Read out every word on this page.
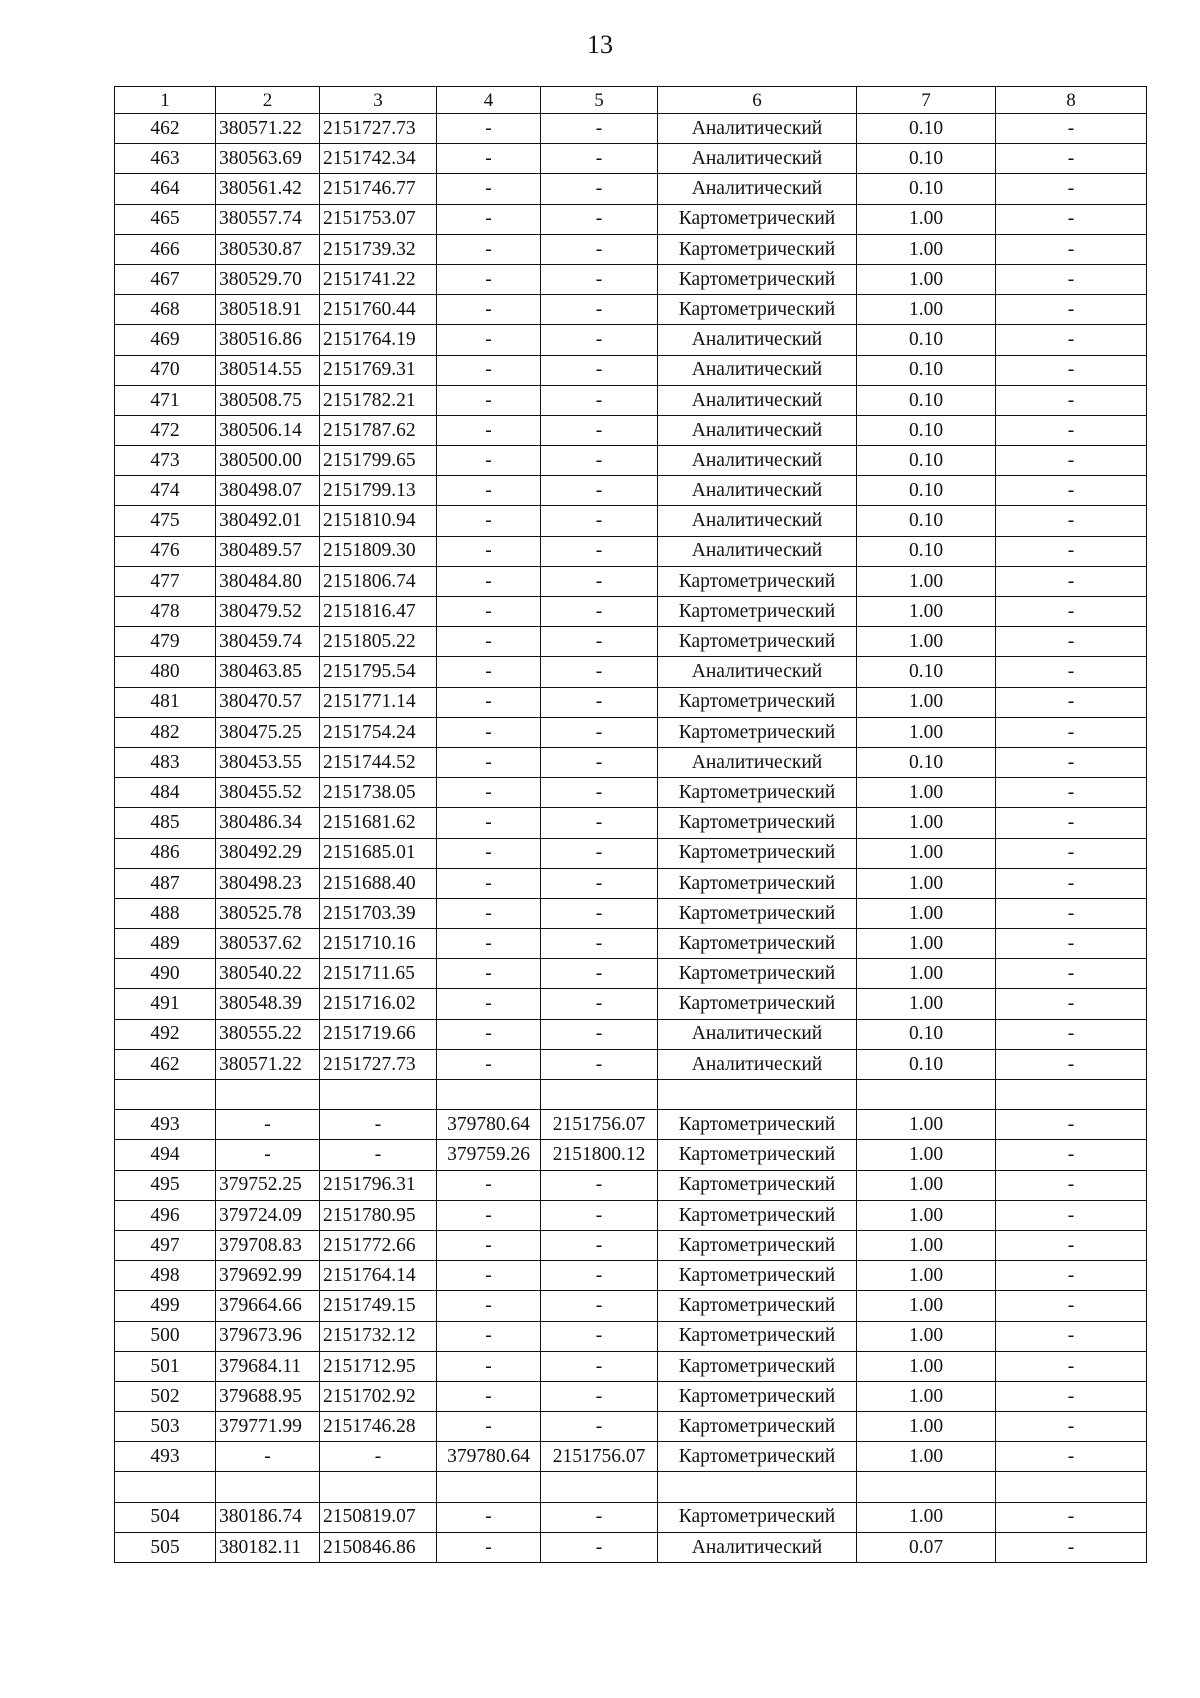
13
1	2	3	4	5	6	7	8
462	380571.22	2151727.73	-	-	Аналитический	0.10	-
463	380563.69	2151742.34	-	-	Аналитический	0.10	-
464	380561.42	2151746.77	-	-	Аналитический	0.10	-
465	380557.74	2151753.07	-	-	Картометрический	1.00	-
466	380530.87	2151739.32	-	-	Картометрический	1.00	-
467	380529.70	2151741.22	-	-	Картометрический	1.00	-
468	380518.91	2151760.44	-	-	Картометрический	1.00	-
469	380516.86	2151764.19	-	-	Аналитический	0.10	-
470	380514.55	2151769.31	-	-	Аналитический	0.10	-
471	380508.75	2151782.21	-	-	Аналитический	0.10	-
472	380506.14	2151787.62	-	-	Аналитический	0.10	-
473	380500.00	2151799.65	-	-	Аналитический	0.10	-
474	380498.07	2151799.13	-	-	Аналитический	0.10	-
475	380492.01	2151810.94	-	-	Аналитический	0.10	-
476	380489.57	2151809.30	-	-	Аналитический	0.10	-
477	380484.80	2151806.74	-	-	Картометрический	1.00	-
478	380479.52	2151816.47	-	-	Картометрический	1.00	-
479	380459.74	2151805.22	-	-	Картометрический	1.00	-
480	380463.85	2151795.54	-	-	Аналитический	0.10	-
481	380470.57	2151771.14	-	-	Картометрический	1.00	-
482	380475.25	2151754.24	-	-	Картометрический	1.00	-
483	380453.55	2151744.52	-	-	Аналитический	0.10	-
484	380455.52	2151738.05	-	-	Картометрический	1.00	-
485	380486.34	2151681.62	-	-	Картометрический	1.00	-
486	380492.29	2151685.01	-	-	Картометрический	1.00	-
487	380498.23	2151688.40	-	-	Картометрический	1.00	-
488	380525.78	2151703.39	-	-	Картометрический	1.00	-
489	380537.62	2151710.16	-	-	Картометрический	1.00	-
490	380540.22	2151711.65	-	-	Картометрический	1.00	-
491	380548.39	2151716.02	-	-	Картометрический	1.00	-
492	380555.22	2151719.66	-	-	Аналитический	0.10	-
462	380571.22	2151727.73	-	-	Аналитический	0.10	-

493	-	-	379780.64	2151756.07	Картометрический	1.00	-
494	-	-	379759.26	2151800.12	Картометрический	1.00	-
495	379752.25	2151796.31	-	-	Картометрический	1.00	-
496	379724.09	2151780.95	-	-	Картометрический	1.00	-
497	379708.83	2151772.66	-	-	Картометрический	1.00	-
498	379692.99	2151764.14	-	-	Картометрический	1.00	-
499	379664.66	2151749.15	-	-	Картометрический	1.00	-
500	379673.96	2151732.12	-	-	Картометрический	1.00	-
501	379684.11	2151712.95	-	-	Картометрический	1.00	-
502	379688.95	2151702.92	-	-	Картометрический	1.00	-
503	379771.99	2151746.28	-	-	Картометрический	1.00	-
493	-	-	379780.64	2151756.07	Картометрический	1.00	-

504	380186.74	2150819.07	-	-	Картометрический	1.00	-
505	380182.11	2150846.86	-	-	Аналитический	0.07	-
